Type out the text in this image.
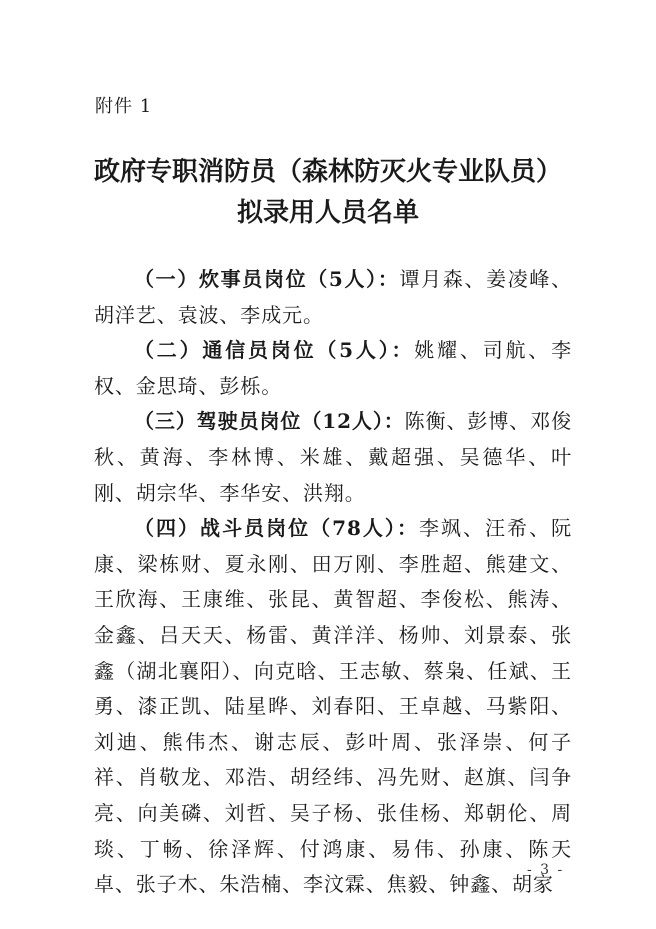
附件 1
政府专职消防员（森林防灭火专业队员）
拟录用人员名单

（一）炊事员岗位（5人）：谭月森、姜凌峰、胡洋艺、袁波、李成元。

（二）通信员岗位（5人）：姚耀、司航、李权、金思琦、彭栎。

（三）驾驶员岗位（12人）：陈衡、彭博、邓俊秋、黄海、李林博、米雄、戴超强、吴德华、叶刚、胡宗华、李华安、洪翔。

（四）战斗员岗位（78人）：李飒、汪希、阮康、梁栋财、夏永刚、田万刚、李胜超、熊建文、王欣海、王康维、张昆、黄智超、李俊松、熊涛、金鑫、吕天天、杨雷、黄洋洋、杨帅、刘景泰、张鑫（湖北襄阳）、向克晗、王志敏、蔡枭、任斌、王勇、漆正凯、陆星晔、刘春阳、王卓越、马紫阳、刘迪、熊伟杰、谢志辰、彭叶周、张泽崇、何子祥、肖敬龙、邓浩、胡经纬、冯先财、赵旗、闫争亮、向美磷、刘哲、吴子杨、张佳杨、郑朝伦、周琰、丁畅、徐泽辉、付鸿康、易伟、孙康、陈天卓、张子木、朱浩楠、李汶霖、焦毅、钟鑫、胡家

- 3 -
